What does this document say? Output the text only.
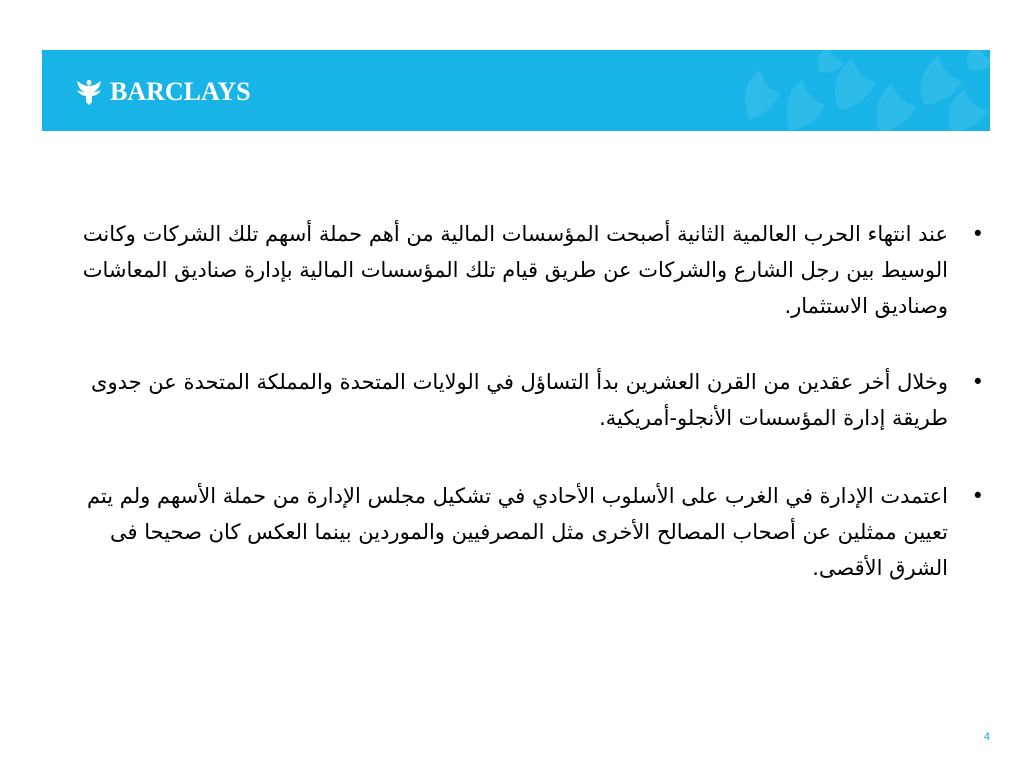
BARCLAYS
•
عند انتهاء الحرب العالمية الثانية أصبحت المؤسسات المالية من أهم حملة أسهم تلك الشركات وكانت الوسيط بين رجل الشارع والشركات عن طريق قيام تلك المؤسسات المالية بإدارة صناديق المعاشات وصناديق الاستثمار.
•
وخلال أخر عقدين من القرن العشرين بدأ التساؤل في الولايات المتحدة والمملكة المتحدة عن جدوى طريقة إدارة المؤسسات الأنجلو-أمريكية.
•
اعتمدت الإدارة في الغرب على الأسلوب الأحادي في تشكيل مجلس الإدارة من حملة الأسهم ولم يتم تعيين ممثلين عن أصحاب المصالح الأخرى مثل المصرفيين والموردين بينما العكس كان صحيحا فى الشرق الأقصى.
4
